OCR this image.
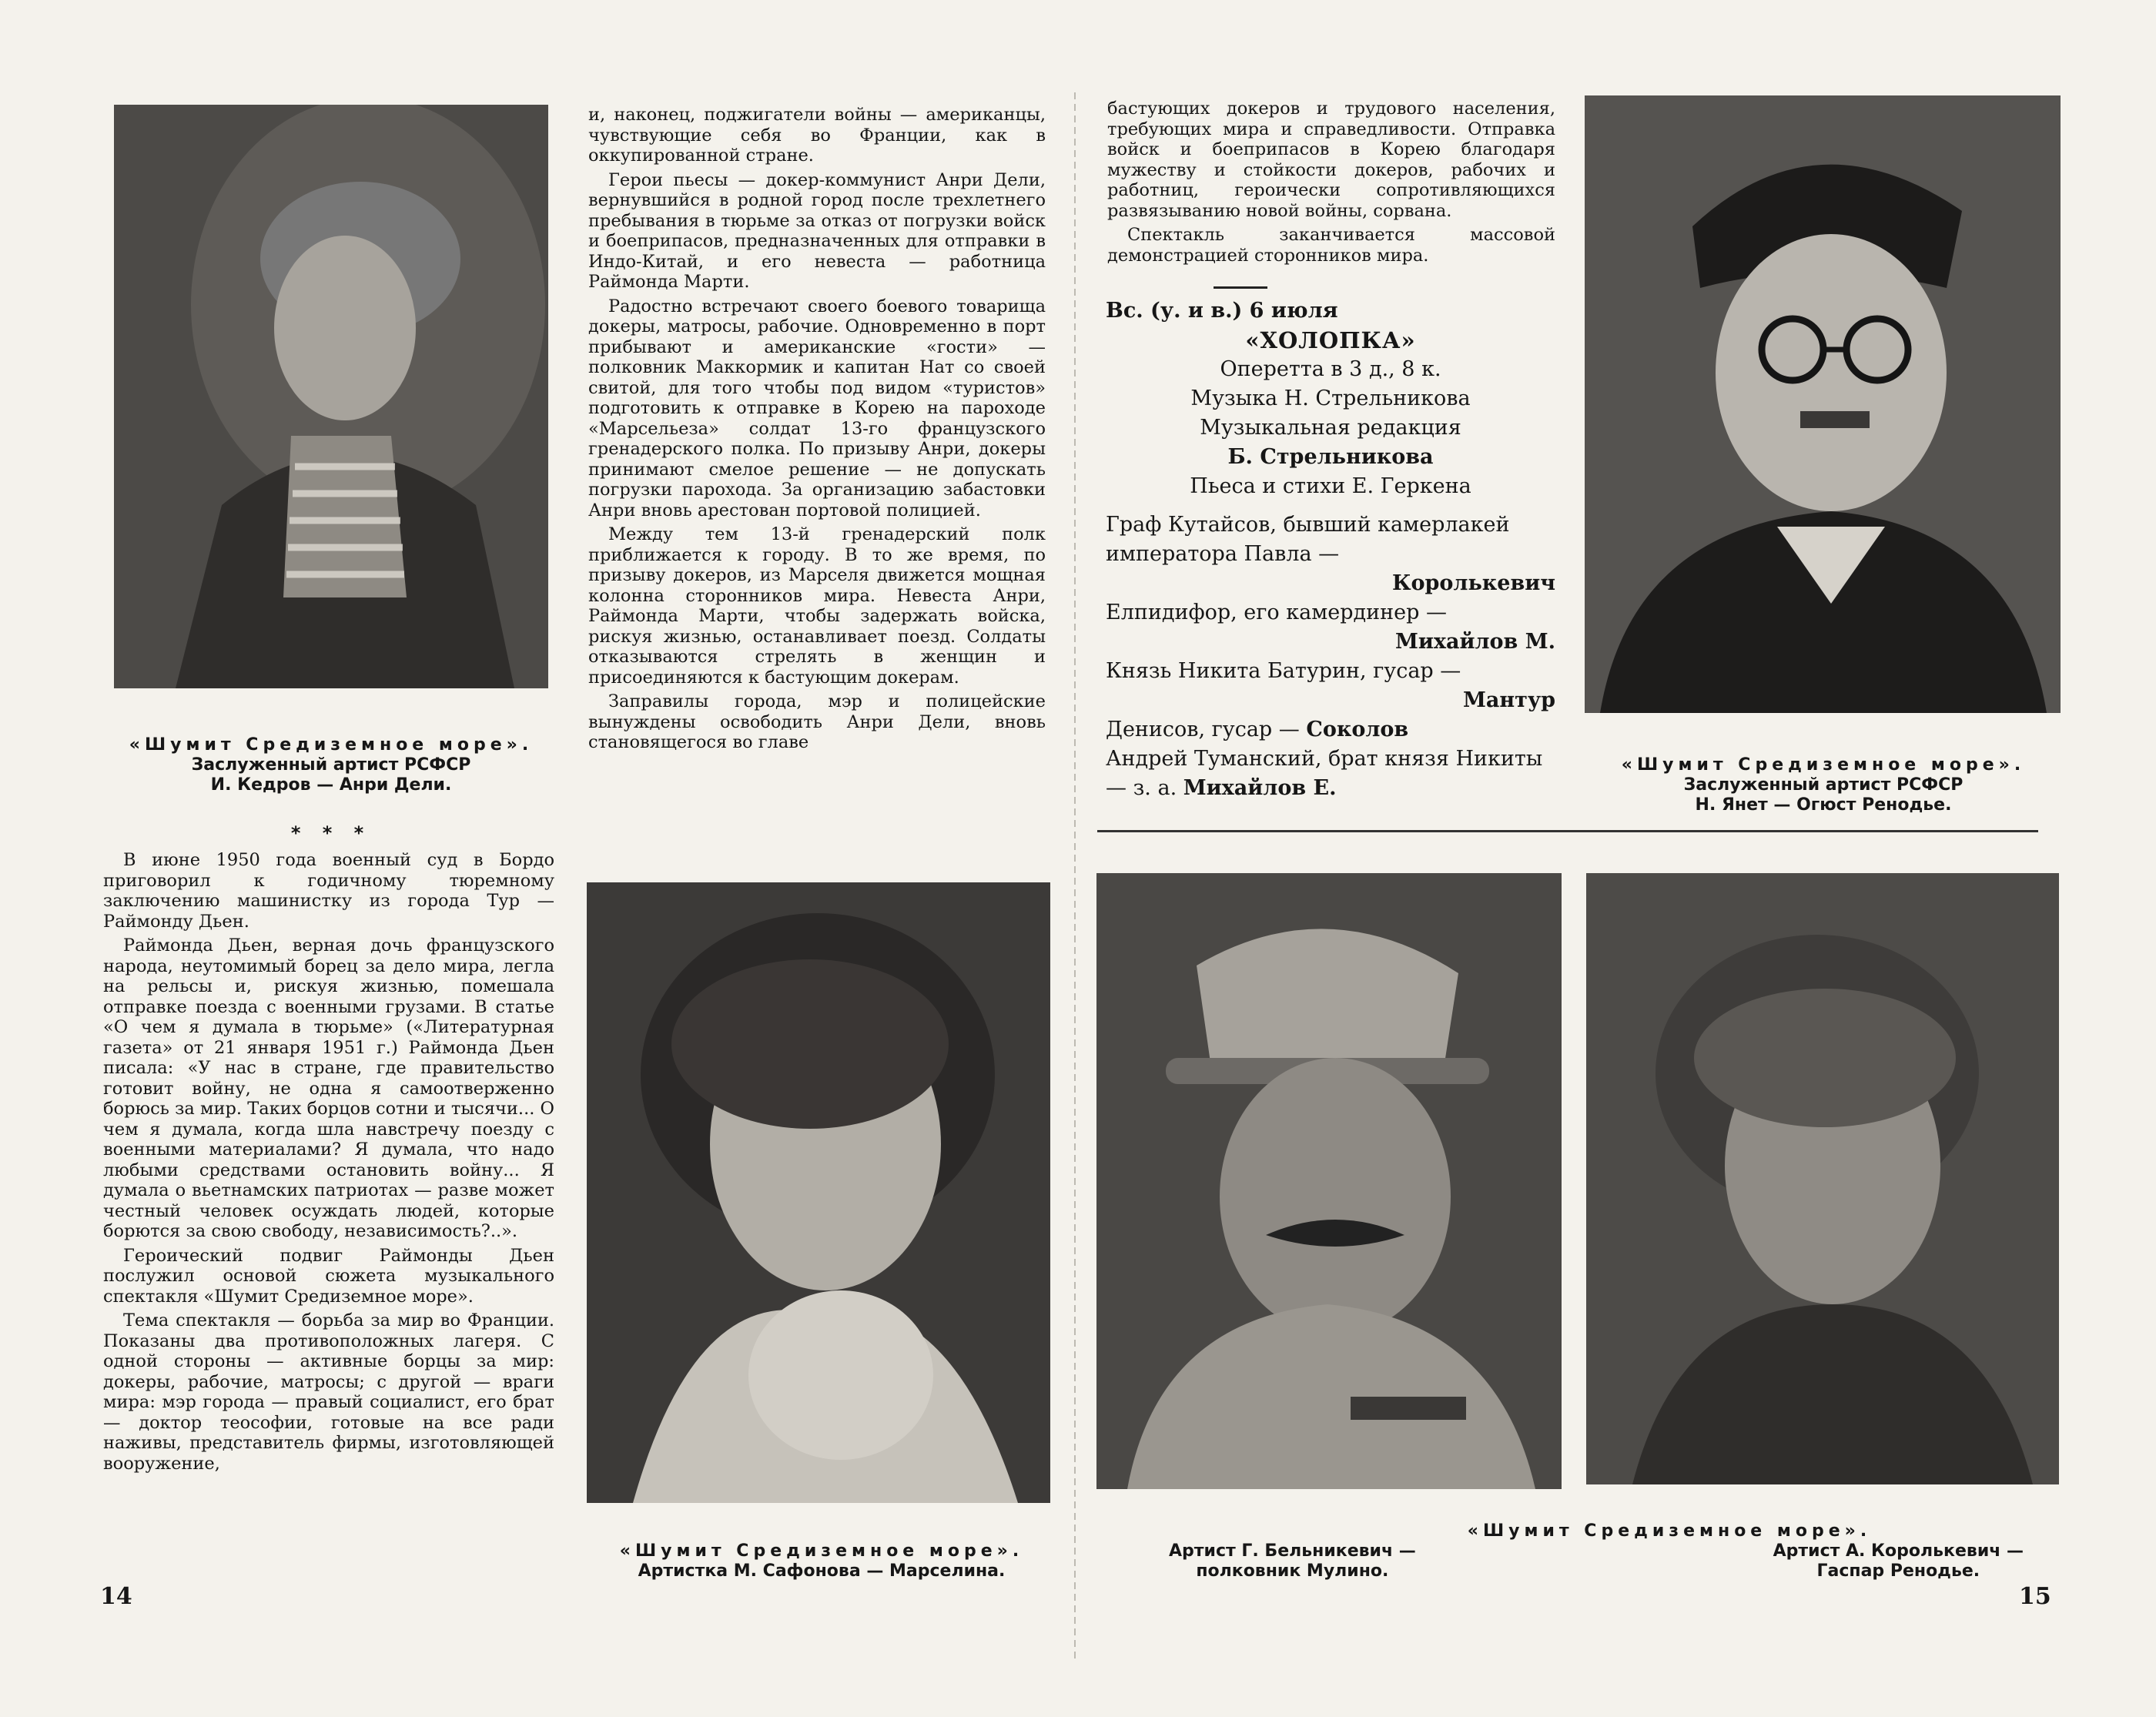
«Шумит Средиземное море».
Заслуженный артист РСФСР
И. Кедров — Анри Дели.
* * *

В июне 1950 года военный суд в Бордо приговорил к годичному тюремному заключению машинистку из города Тур — Раймонду Дьен.

Раймонда Дьен, верная дочь французского народа, неутомимый борец за дело мира, легла на рельсы и, рискуя жизнью, помешала отправке поезда с военными грузами. В статье «О чем я думала в тюрьме» («Литературная газета» от 21 января 1951 г.) Раймонда Дьен писала: «У нас в стране, где правительство готовит войну, не одна я самоотверженно борюсь за мир. Таких борцов сотни и тысячи... О чем я думала, когда шла навстречу поезду с военными материалами? Я думала, что надо любыми средствами остановить войну... Я думала о вьетнамских патриотах — разве может честный человек осуждать людей, которые борются за свою свободу, независимость?..».

Героический подвиг Раймонды Дьен послужил основой сюжета музыкального спектакля «Шумит Средиземное море».

Тема спектакля — борьба за мир во Франции. Показаны два противоположных лагеря. С одной стороны — активные борцы за мир: докеры, рабочие, матросы; с другой — враги мира: мэр города — правый социалист, его брат — доктор теософии, готовые на все ради наживы, представитель фирмы, изготовляющей вооружение,

и, наконец, поджигатели войны — американцы, чувствующие себя во Франции, как в оккупированной стране.

Герои пьесы — докер-коммунист Анри Дели, вернувшийся в родной город после трехлетнего пребывания в тюрьме за отказ от погрузки войск и боеприпасов, предназначенных для отправки в Индо-Китай, и его невеста — работница Раймонда Марти.

Радостно встречают своего боевого товарища докеры, матросы, рабочие. Одновременно в порт прибывают и американские «гости» — полковник Маккормик и капитан Нат со своей свитой, для того чтобы под видом «туристов» подготовить к отправке в Корею на пароходе «Марсельеза» солдат 13-го французского гренадерского полка. По призыву Анри, докеры принимают смелое решение — не допускать погрузки парохода. За организацию забастовки Анри вновь арестован портовой полицией.

Между тем 13-й гренадерский полк приближается к городу. В то же время, по призыву докеров, из Марселя движется мощная колонна сторонников мира. Невеста Анри, Раймонда Марти, чтобы задержать войска, рискуя жизнью, останавливает поезд. Солдаты отказываются стрелять в женщин и присоединяются к бастующим докерам.

Заправилы города, мэр и полицейские вынуждены освободить Анри Дели, вновь становящегося во главе

«Шумит Средиземное море».
Артистка М. Сафонова — Марселина.
14

бастующих докеров и трудового населения, требующих мира и справедливости. Отправка войск и боеприпасов в Корею благодаря мужеству и стойкости докеров, рабочих и работниц, героически сопротивляющихся развязыванию новой войны, сорвана.

Спектакль заканчивается массовой демонстрацией сторонников мира.

Вс. (у. и в.) 6 июля
«ХОЛОПКА»
Оперетта в 3 д., 8 к.
Музыка Н. Стрельникова
Музыкальная редакция
Б. Стрельникова
Пьеса и стихи Е. Геркена
Граф Кутайсов, бывший камерлакей императора Павла —
Королькевич
Елпидифор, его камердинер —
Михайлов М.
Князь Никита Батурин, гусар —
Мантур
Денисов, гусар — Соколов
Андрей Туманский, брат князя Никиты — з. а. Михайлов Е.
«Шумит Средиземное море».
Заслуженный артист РСФСР
Н. Янет — Огюст Ренодье.
«Шумит Средиземное море».
Артист Г. Бельникевич —
полковник Мулино.
Артист А. Королькевич —
Гаспар Ренодье.
15
